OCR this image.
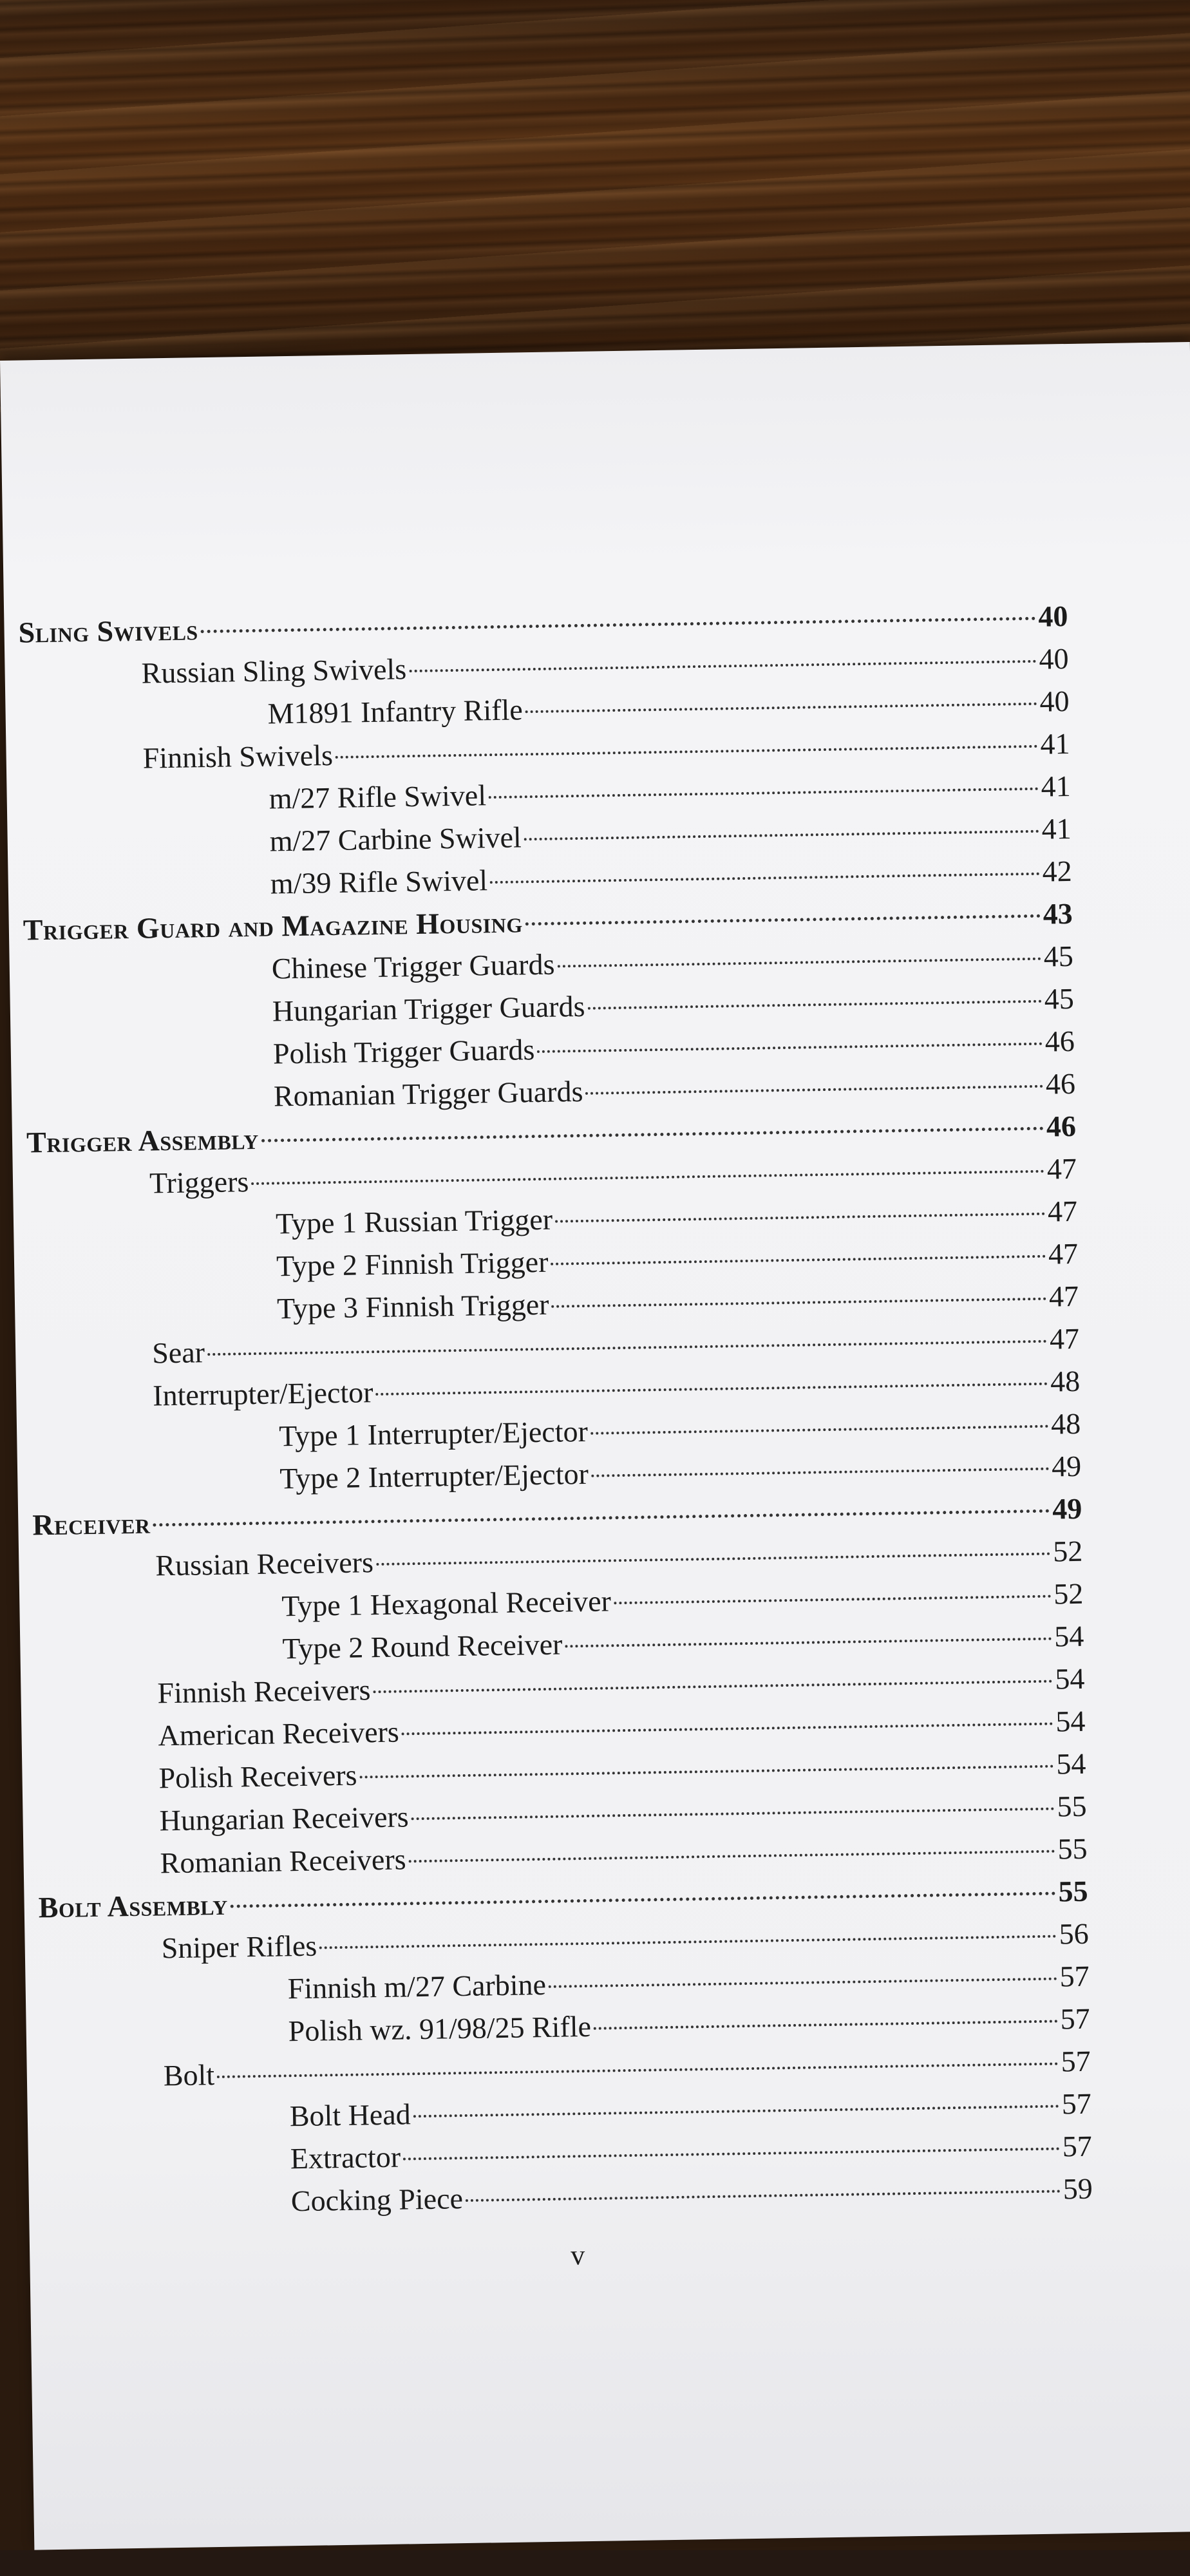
Sling Swivels	40
Russian Sling Swivels	40
M1891 Infantry Rifle	40
Finnish Swivels	41
m/27 Rifle Swivel	41
m/27 Carbine Swivel	41
m/39 Rifle Swivel	42
Trigger Guard and Magazine Housing	43
Chinese Trigger Guards	45
Hungarian Trigger Guards	45
Polish Trigger Guards	46
Romanian Trigger Guards	46
Trigger Assembly	46
Triggers	47
Type 1 Russian Trigger	47
Type 2 Finnish Trigger	47
Type 3 Finnish Trigger	47
Sear	47
Interrupter/Ejector	48
Type 1 Interrupter/Ejector	48
Type 2 Interrupter/Ejector	49
Receiver	49
Russian Receivers	52
Type 1 Hexagonal Receiver	52
Type 2 Round Receiver	54
Finnish Receivers	54
American Receivers	54
Polish Receivers	54
Hungarian Receivers	55
Romanian Receivers	55
Bolt Assembly	55
Sniper Rifles	56
Finnish m/27 Carbine	57
Polish wz. 91/98/25 Rifle	57
Bolt	57
Bolt Head	57
Extractor	57
Cocking Piece	59
v
